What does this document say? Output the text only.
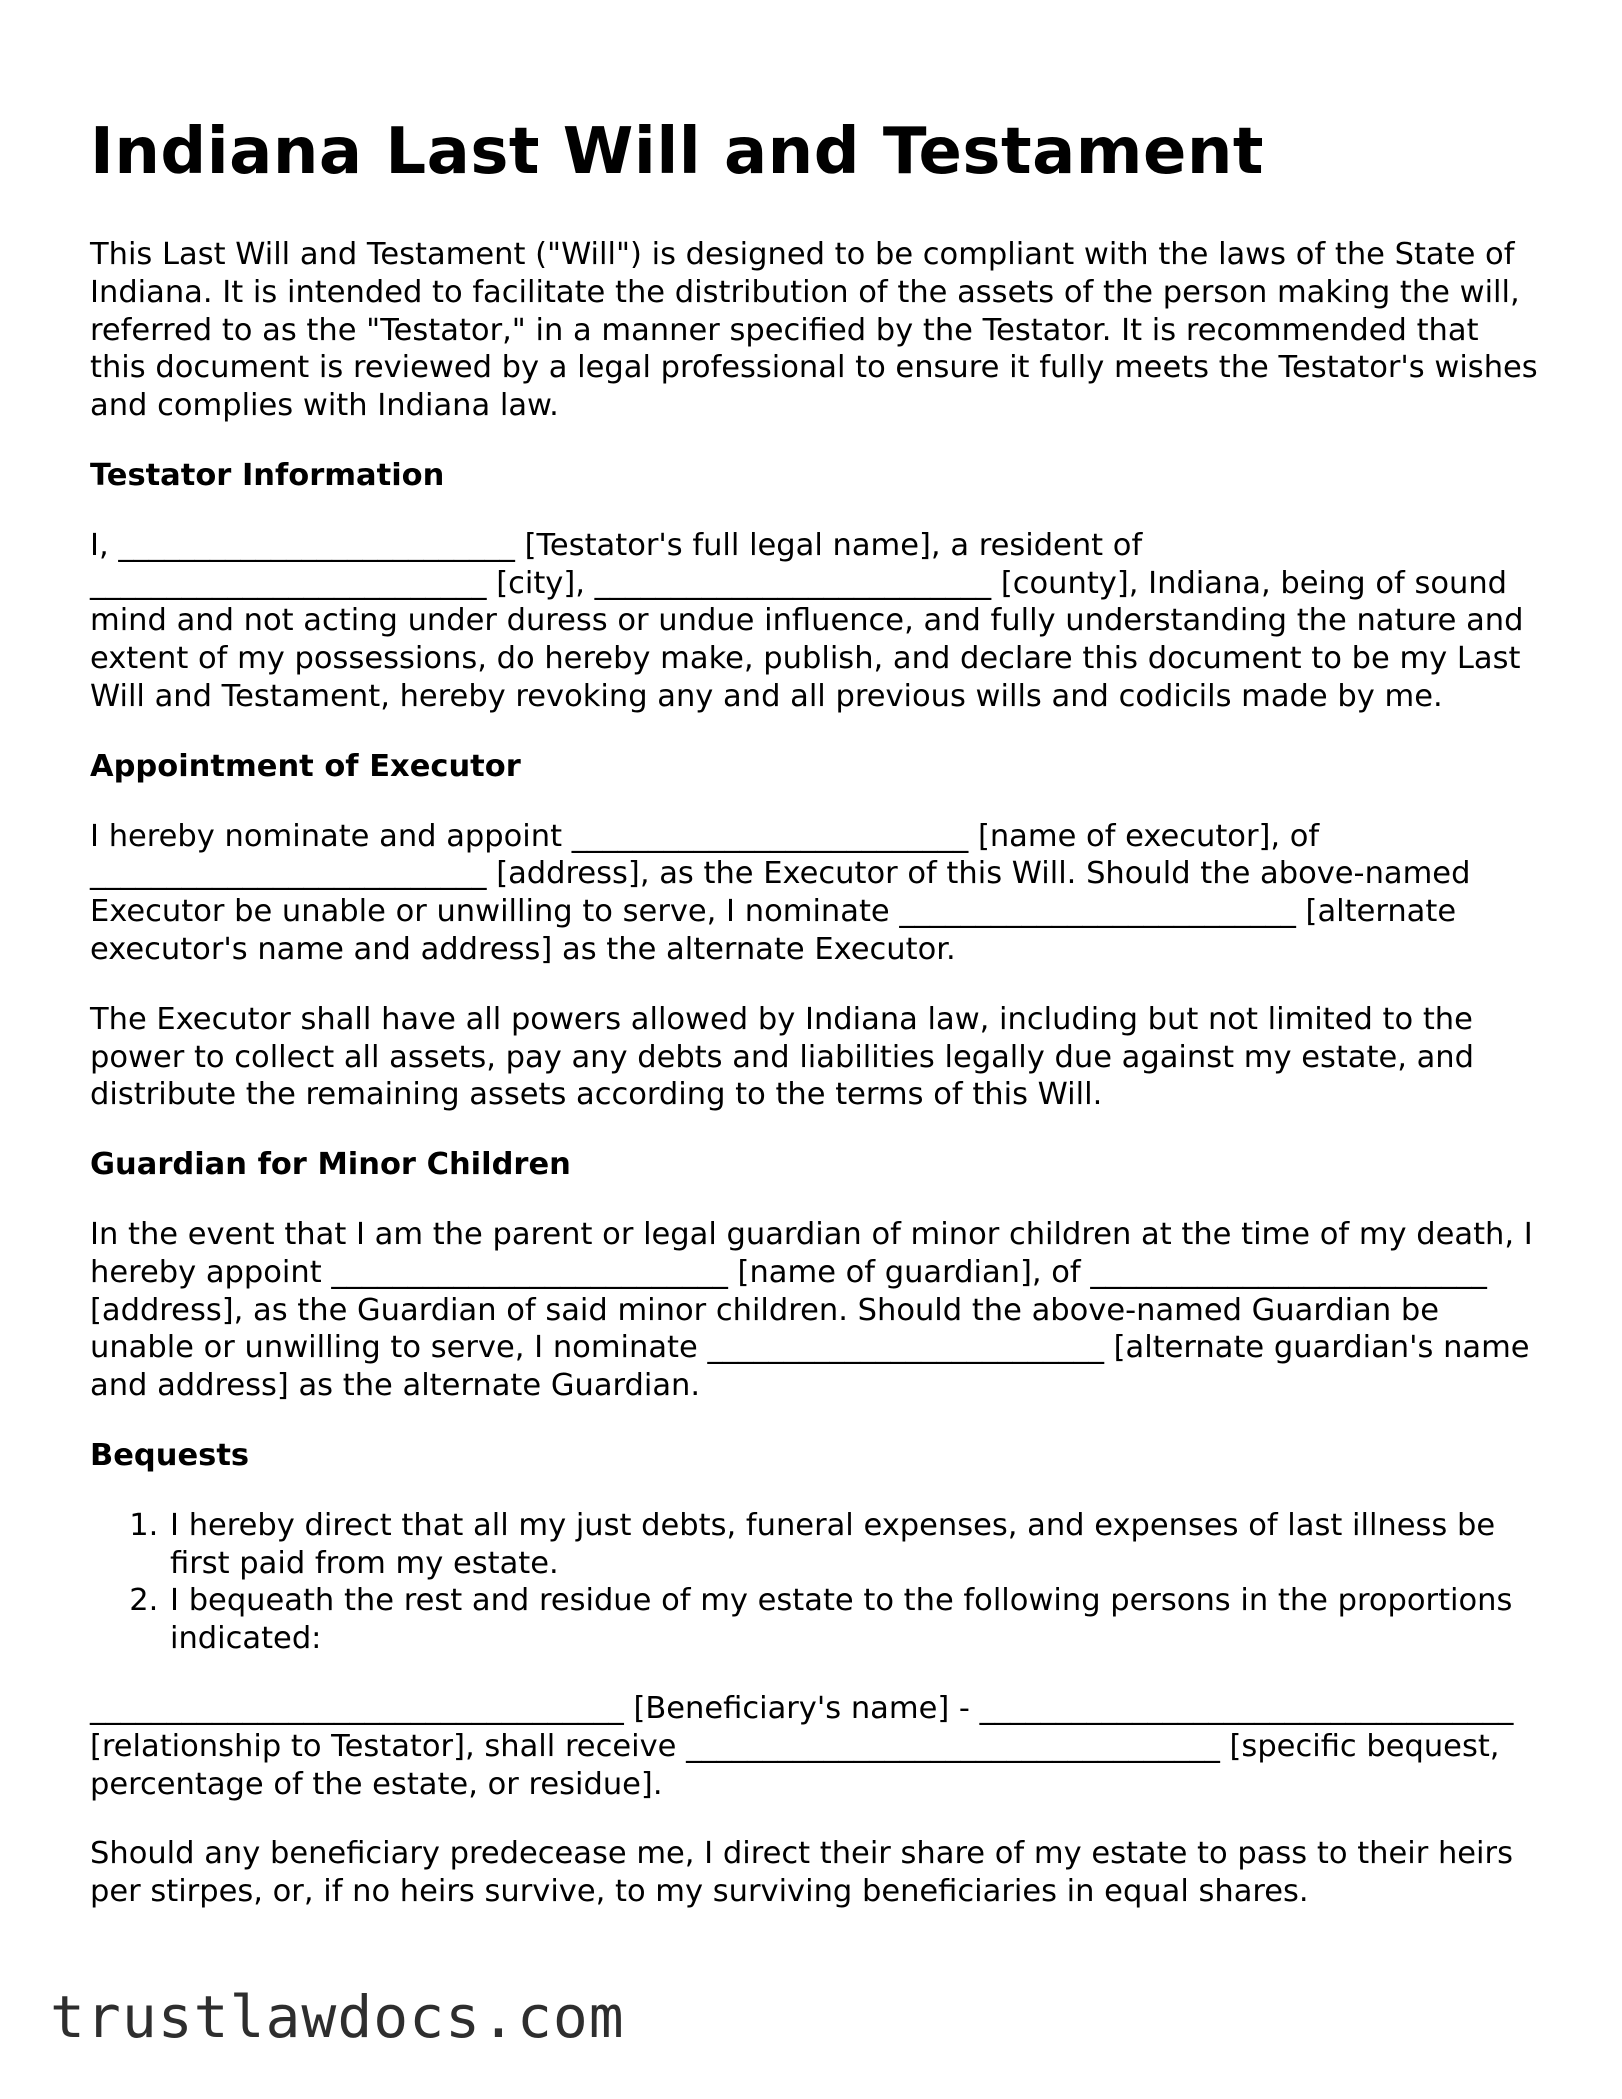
Indiana Last Will and Testament

This Last Will and Testament ("Will") is designed to be compliant with the laws of the State of Indiana. It is intended to facilitate the distribution of the assets of the person making the will, referred to as the "Testator," in a manner specified by the Testator. It is recommended that this document is reviewed by a legal professional to ensure it fully meets the Testator's wishes and complies with Indiana law.

Testator Information

I, __________________________ [Testator's full legal name], a resident of __________________________ [city], __________________________ [county], Indiana, being of sound mind and not acting under duress or undue influence, and fully understanding the nature and extent of my possessions, do hereby make, publish, and declare this document to be my Last Will and Testament, hereby revoking any and all previous wills and codicils made by me.

Appointment of Executor

I hereby nominate and appoint __________________________ [name of executor], of __________________________ [address], as the Executor of this Will. Should the above-named Executor be unable or unwilling to serve, I nominate __________________________ [alternate executor's name and address] as the alternate Executor.

The Executor shall have all powers allowed by Indiana law, including but not limited to the power to collect all assets, pay any debts and liabilities legally due against my estate, and distribute the remaining assets according to the terms of this Will.

Guardian for Minor Children

In the event that I am the parent or legal guardian of minor children at the time of my death, I hereby appoint __________________________ [name of guardian], of __________________________ [address], as the Guardian of said minor children. Should the above-named Guardian be unable or unwilling to serve, I nominate __________________________ [alternate guardian's name and address] as the alternate Guardian.

Bequests
1. I hereby direct that all my just debts, funeral expenses, and expenses of last illness be first paid from my estate.
2. I bequeath the rest and residue of my estate to the following persons in the proportions indicated:

___________________________________ [Beneficiary's name] - ___________________________________ [relationship to Testator], shall receive ___________________________________ [specific bequest, percentage of the estate, or residue].

Should any beneficiary predecease me, I direct their share of my estate to pass to their heirs per stirpes, or, if no heirs survive, to my surviving beneficiaries in equal shares.

trustlawdocs.com
